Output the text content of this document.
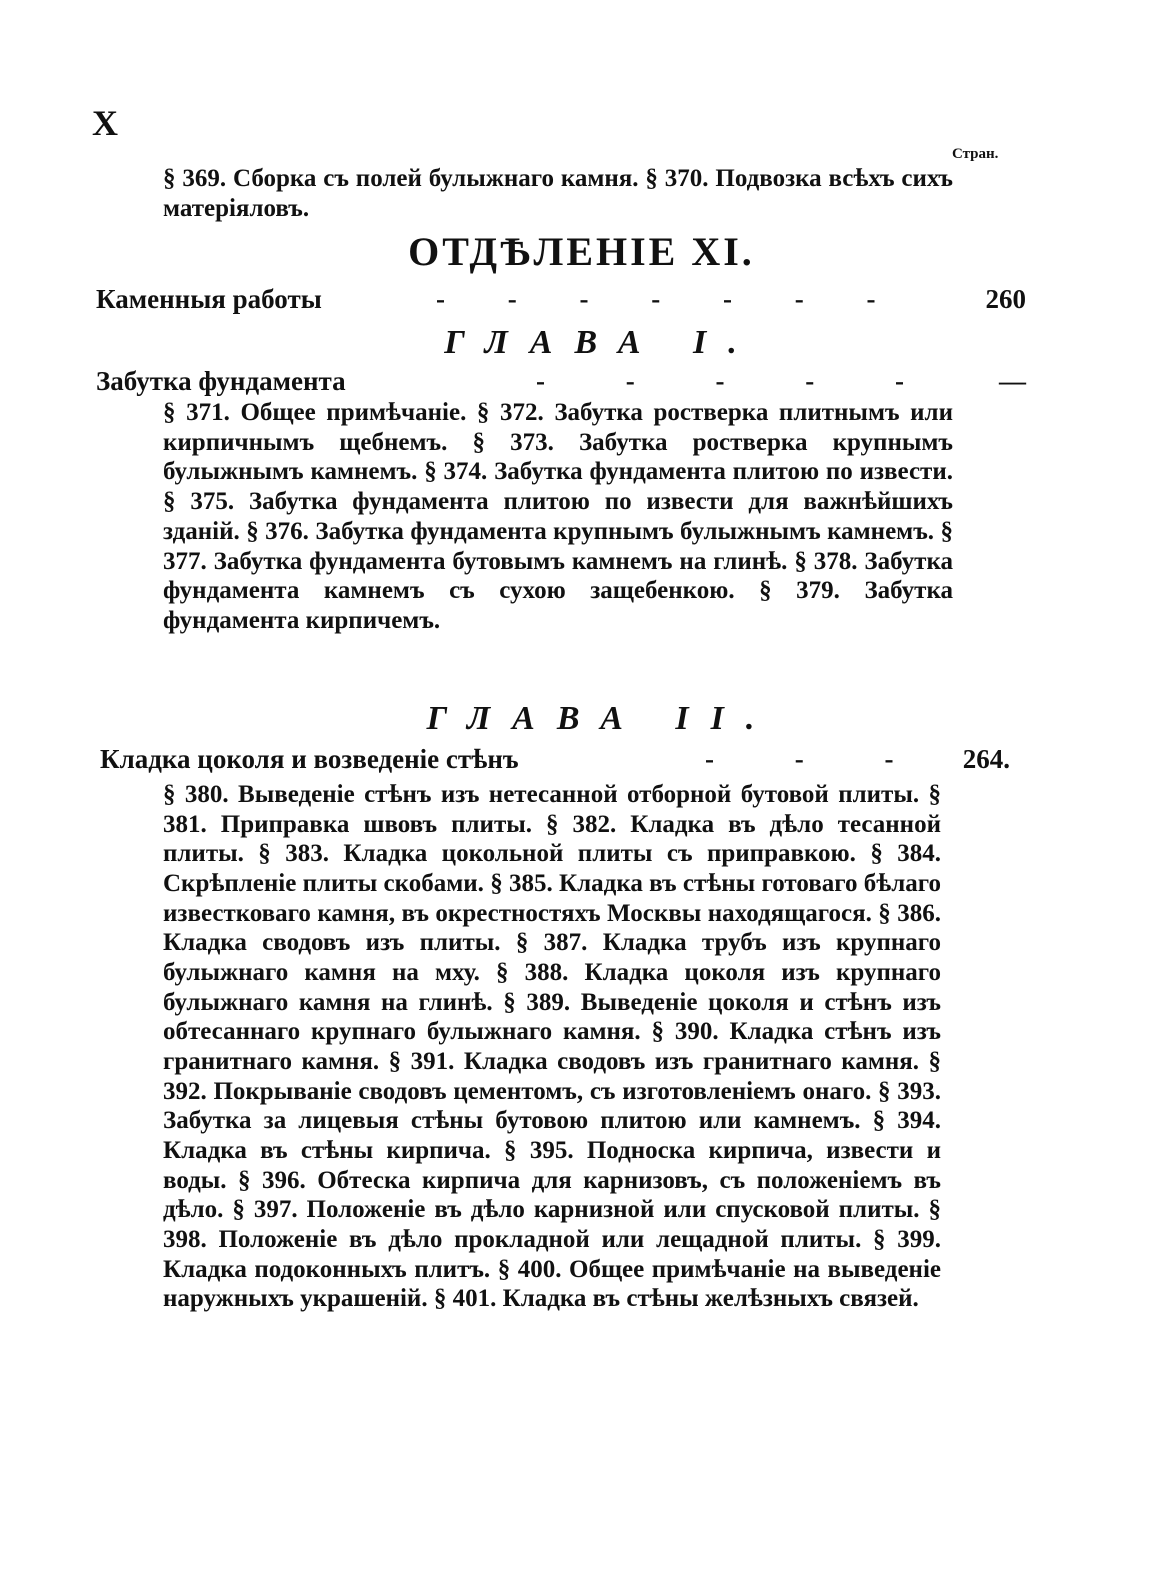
X
Стран.
§ 369. Сборка съ полей булыжнаго камня. § 370. Подвозка всѣхъ сихъ матеріяловъ.
ОТДѢЛЕНІЕ XI.
Каменныя работы	- - - - - - -	260
ГЛАВА I.
Забутка фундамента	- - - - -	—
§ 371. Общее примѣчаніе. § 372. Забутка ростверка плитнымъ или кирпичнымъ щебнемъ. § 373. Забутка ростверка крупнымъ булыжнымъ камнемъ. § 374. Забутка фундамента плитою по извести. § 375. Забутка фундамента плитою по извести для важнѣйшихъ зданій. § 376. Забутка фундамента крупнымъ булыжнымъ камнемъ. § 377. Забутка фундамента бутовымъ камнемъ на глинѣ. § 378. Забутка фундамента камнемъ съ сухою защебенкою. § 379. Забутка фундамента кирпичемъ.
ГЛАВА II.
Кладка цоколя и возведеніе стѣнъ	- - - 264.
§ 380. Выведеніе стѣнъ изъ нетесанной отборной бутовой плиты. § 381. Приправка швовъ плиты. § 382. Кладка въ дѣло тесанной плиты. § 383. Кладка цокольной плиты съ приправкою. § 384. Скрѣпленіе плиты скобами. § 385. Кладка въ стѣны готоваго бѣлаго известковаго камня, въ окрестностяхъ Москвы находящагося. § 386. Кладка сводовъ изъ плиты. § 387. Кладка трубъ изъ крупнаго булыжнаго камня на мху. § 388. Кладка цоколя изъ крупнаго булыжнаго камня на глинѣ. § 389. Выведеніе цоколя и стѣнъ изъ обтесаннаго крупнаго булыжнаго камня. § 390. Кладка стѣнъ изъ гранитнаго камня. § 391. Кладка сводовъ изъ гранитнаго камня. § 392. Покрываніе сводовъ цементомъ, съ изготовленіемъ онаго. § 393. Забутка за лицевыя стѣны бутовою плитою или камнемъ. § 394. Кладка въ стѣны кирпича. § 395. Подноска кирпича, извести и воды. § 396. Обтеска кирпича для карнизовъ, съ положеніемъ въ дѣло. § 397. Положеніе въ дѣло карнизной или спусковой плиты. § 398. Положеніе въ дѣло прокладной или лещадной плиты. § 399. Кладка подоконныхъ плитъ. § 400. Общее примѣчаніе на выведеніе наружныхъ украшеній. § 401. Кладка въ стѣны желѣзныхъ связей.
